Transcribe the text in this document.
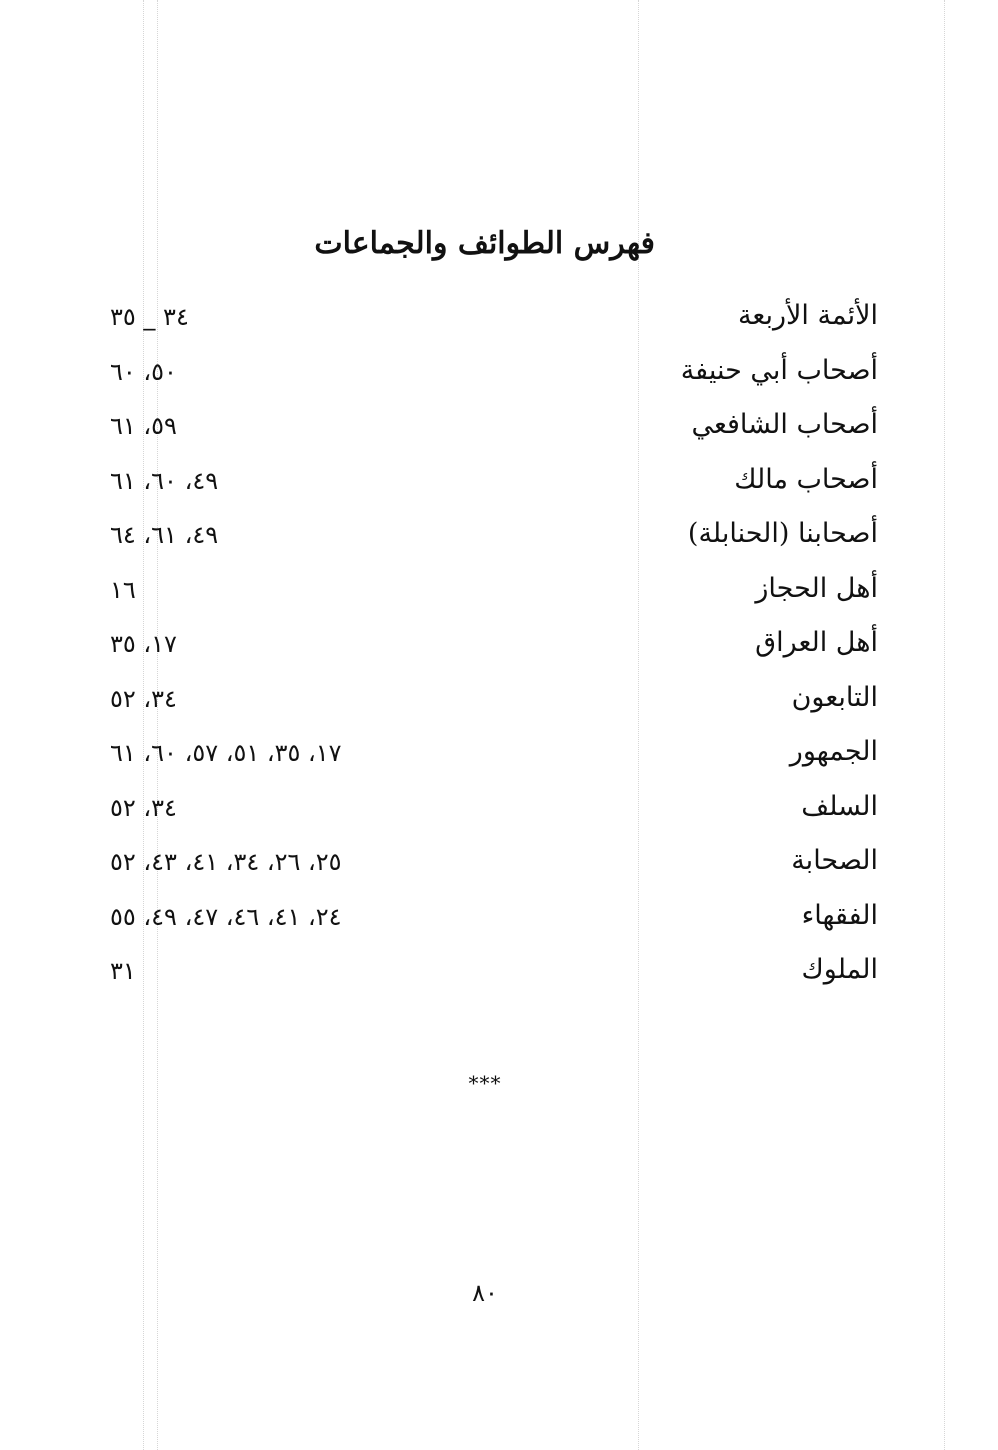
فهرس الطوائف والجماعات
الأئمة الأربعة
٣٤ _ ٣٥
أصحاب أبي حنيفة
٥٠، ٦٠
أصحاب الشافعي
٥٩، ٦١
أصحاب مالك
٤٩، ٦٠، ٦١
أصحابنا (الحنابلة)
٤٩، ٦١، ٦٤
أهل الحجاز
١٦
أهل العراق
١٧، ٣٥
التابعون
٣٤، ٥٢
الجمهور
١٧، ٣٥، ٥١، ٥٧، ٦٠، ٦١
السلف
٣٤، ٥٢
الصحابة
٢٥، ٢٦، ٣٤، ٤١، ٤٣، ٥٢
الفقهاء
٢٤، ٤١، ٤٦، ٤٧، ٤٩، ٥٥
الملوك
٣١
***
٨٠
